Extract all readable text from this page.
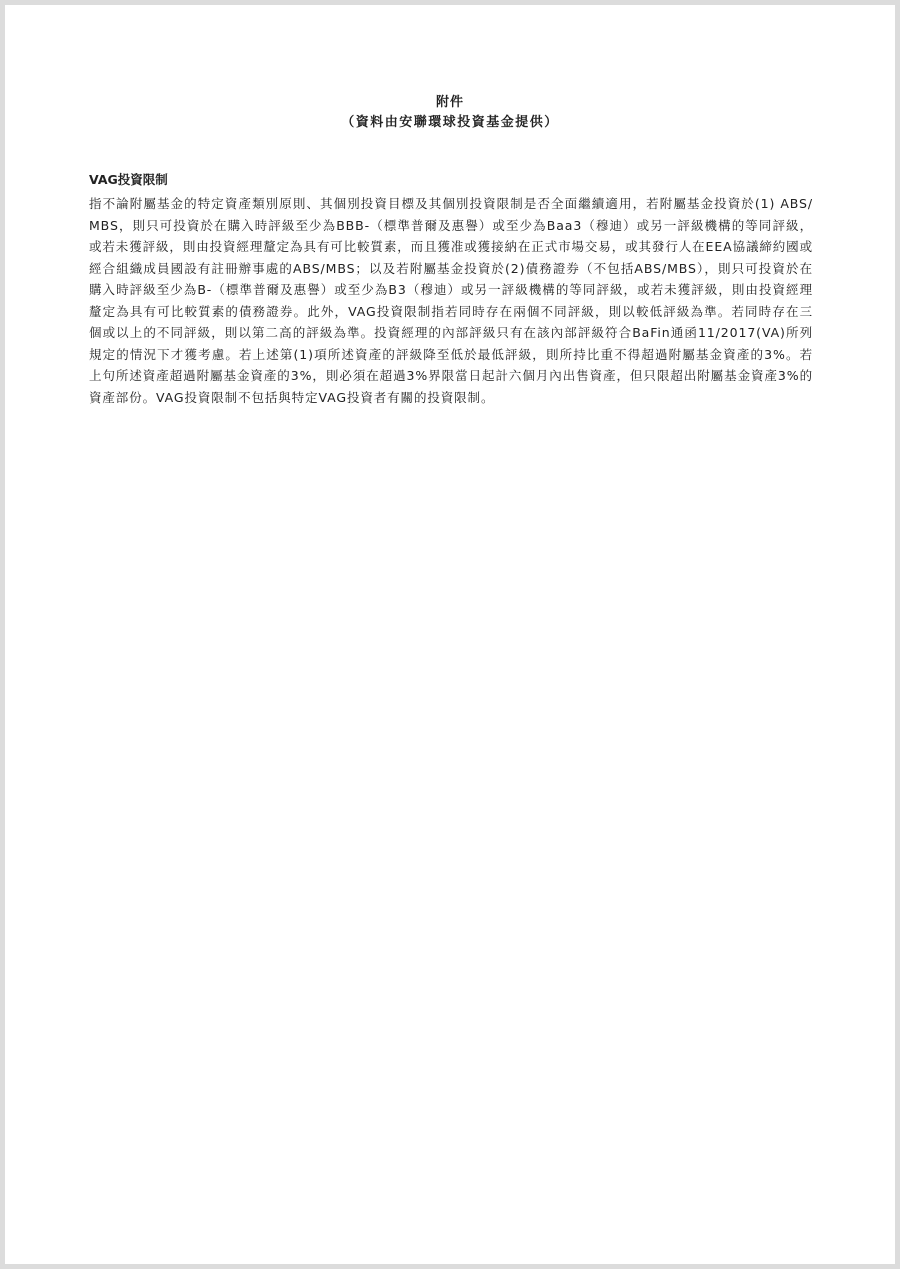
附件
（資料由安聯環球投資基金提供）
VAG投資限制

指不論附屬基金的特定資產類別原則、其個別投資目標及其個別投資限制是否全面繼續適用，若附屬基金投資於(1) ABS/MBS，則只可投資於在購入時評級至少為BBB-（標準普爾及惠譽）或至少為Baa3（穆迪）或另一評級機構的等同評級，或若未獲評級，則由投資經理釐定為具有可比較質素，而且獲准或獲接納在正式市場交易，或其發行人在EEA協議締約國或經合組織成員國設有註冊辦事處的ABS/MBS；以及若附屬基金投資於(2)債務證券（不包括ABS/MBS），則只可投資於在購入時評級至少為B-（標準普爾及惠譽）或至少為B3（穆迪）或另一評級機構的等同評級，或若未獲評級，則由投資經理釐定為具有可比較質素的債務證券。此外，VAG投資限制指若同時存在兩個不同評級，則以較低評級為準。若同時存在三個或以上的不同評級，則以第二高的評級為準。投資經理的內部評級只有在該內部評級符合BaFin通函11/2017(VA)所列規定的情況下才獲考慮。若上述第(1)項所述資產的評級降至低於最低評級，則所持比重不得超過附屬基金資產的3%。若上句所述資產超過附屬基金資產的3%，則必須在超過3%界限當日起計六個月內出售資產，但只限超出附屬基金資產3%的資產部份。VAG投資限制不包括與特定VAG投資者有關的投資限制。
